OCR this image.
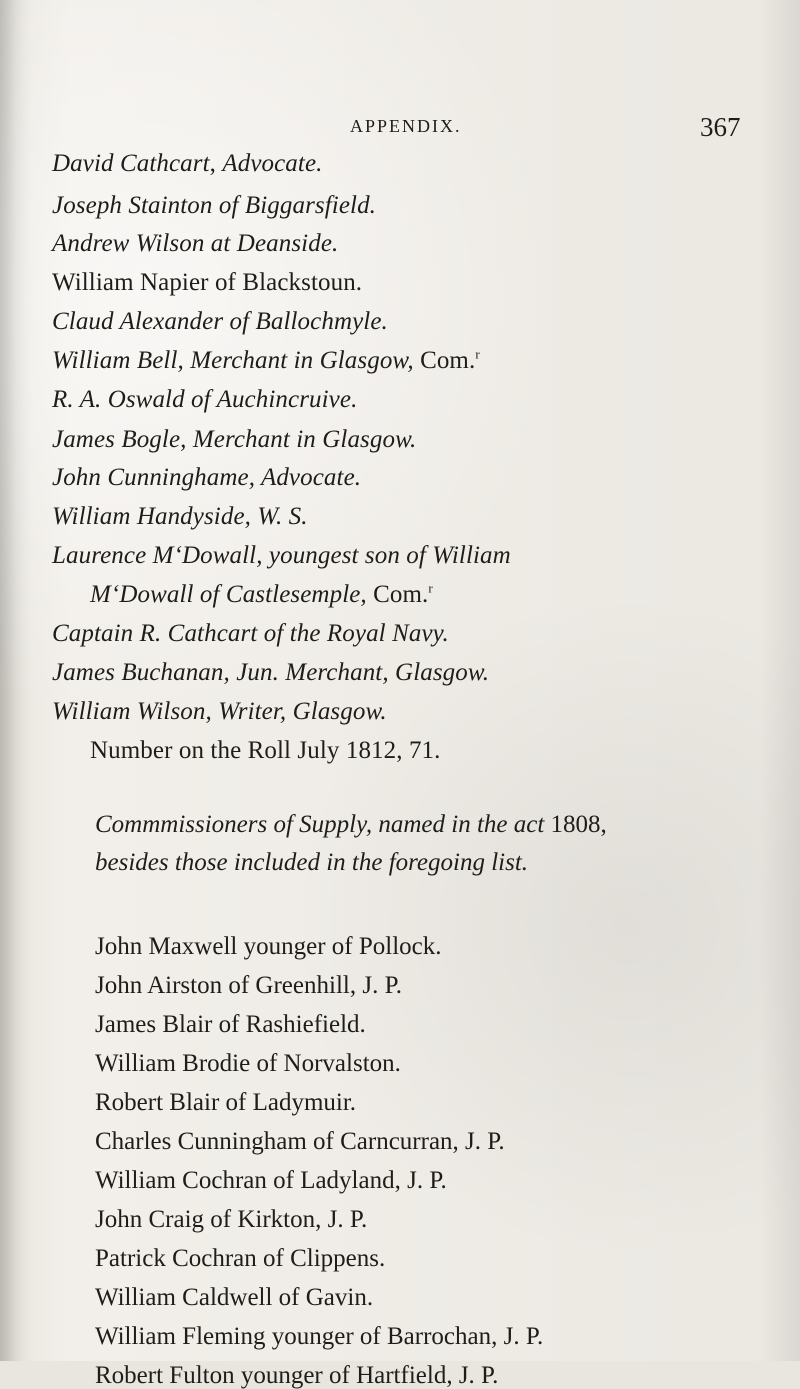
APPENDIX.	367
David Cathcart, Advocate.
Joseph Stainton of Biggarsfield.
Andrew Wilson at Deanside.
William Napier of Blackstoun.
Claud Alexander of Ballochmyle.
William Bell, Merchant in Glasgow, Com.$^r$
R. A. Oswald of Auchincruive.
James Bogle, Merchant in Glasgow.
John Cunninghame, Advocate.
William Handyside, W. S.
Laurence M‘Dowall, youngest son of William
M‘Dowall of Castlesemple, Com.$^r$
Captain R. Cathcart of the Royal Navy.
James Buchanan, Jun. Merchant, Glasgow.
William Wilson, Writer, Glasgow.
Number on the Roll July 1812, 71.
Commmissioners of Supply, named in the act 1808,
besides those included in the foregoing list.
John Maxwell younger of Pollock.
John Airston of Greenhill, J. P.
James Blair of Rashiefield.
William Brodie of Norvalston.
Robert Blair of Ladymuir.
Charles Cunningham of Carncurran, J. P.
William Cochran of Ladyland, J. P.
John Craig of Kirkton, J. P.
Patrick Cochran of Clippens.
William Caldwell of Gavin.
William Fleming younger of Barrochan, J. P.
Robert Fulton younger of Hartfield, J. P.
